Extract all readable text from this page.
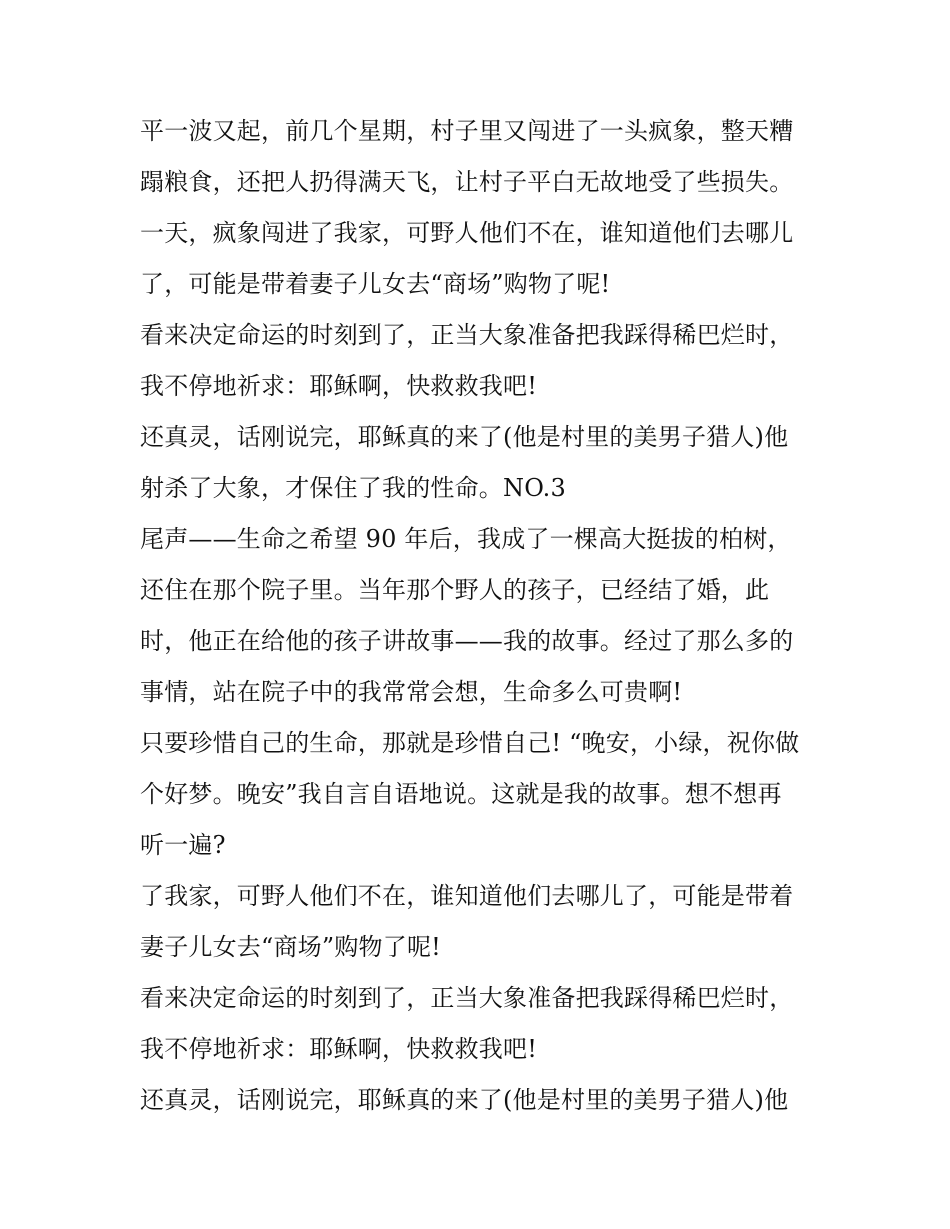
平一波又起，前几个星期，村子里又闯进了一头疯象，整天糟
蹋粮食，还把人扔得满天飞，让村子平白无故地受了些损失。
一天，疯象闯进了我家，可野人他们不在，谁知道他们去哪儿
了，可能是带着妻子儿女去“商场”购物了呢!
看来决定命运的时刻到了，正当大象准备把我踩得稀巴烂时，
我不停地祈求：耶稣啊，快救救我吧!
还真灵，话刚说完，耶稣真的来了(他是村里的美男子猎人)他
射杀了大象，才保住了我的性命。NO.3
尾声——生命之希望 90 年后，我成了一棵高大挺拔的柏树，
还住在那个院子里。当年那个野人的孩子，已经结了婚，此
时，他正在给他的孩子讲故事——我的故事。经过了那么多的
事情，站在院子中的我常常会想，生命多么可贵啊!
只要珍惜自己的生命，那就是珍惜自己! “晚安，小绿，祝你做
个好梦。晚安”我自言自语地说。这就是我的故事。想不想再
听一遍?
了我家，可野人他们不在，谁知道他们去哪儿了，可能是带着
妻子儿女去“商场”购物了呢!
看来决定命运的时刻到了，正当大象准备把我踩得稀巴烂时，
我不停地祈求：耶稣啊，快救救我吧!
还真灵，话刚说完，耶稣真的来了(他是村里的美男子猎人)他
